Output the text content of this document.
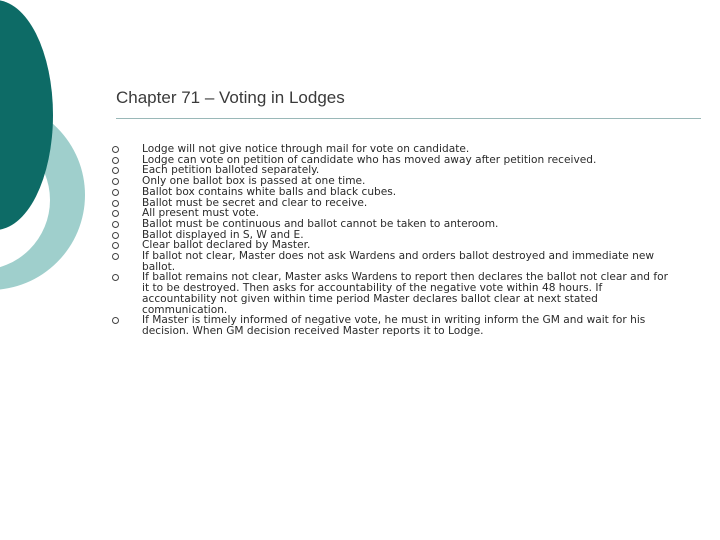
Chapter 71 – Voting in Lodges
Lodge will not give notice through mail for vote on candidate.
Lodge can vote on petition of candidate who has moved away after petition received.
Each petition balloted separately.
Only one ballot box is passed at one time.
Ballot box contains white balls and black cubes.
Ballot must be secret and clear to receive.
All present must vote.
Ballot must be continuous and ballot cannot be taken to anteroom.
Ballot displayed in S, W and E.
Clear ballot declared by Master.
If ballot not clear, Master does not ask Wardens and orders ballot destroyed and immediate new ballot.
If ballot remains not clear, Master asks Wardens to report then declares the ballot not clear and for it to be destroyed. Then asks for accountability of the negative vote within 48 hours. If accountability not given within time period Master declares ballot clear at next stated communication.
If Master is timely informed of negative vote, he must in writing inform the GM and wait for his decision. When GM decision received Master reports it to Lodge.
